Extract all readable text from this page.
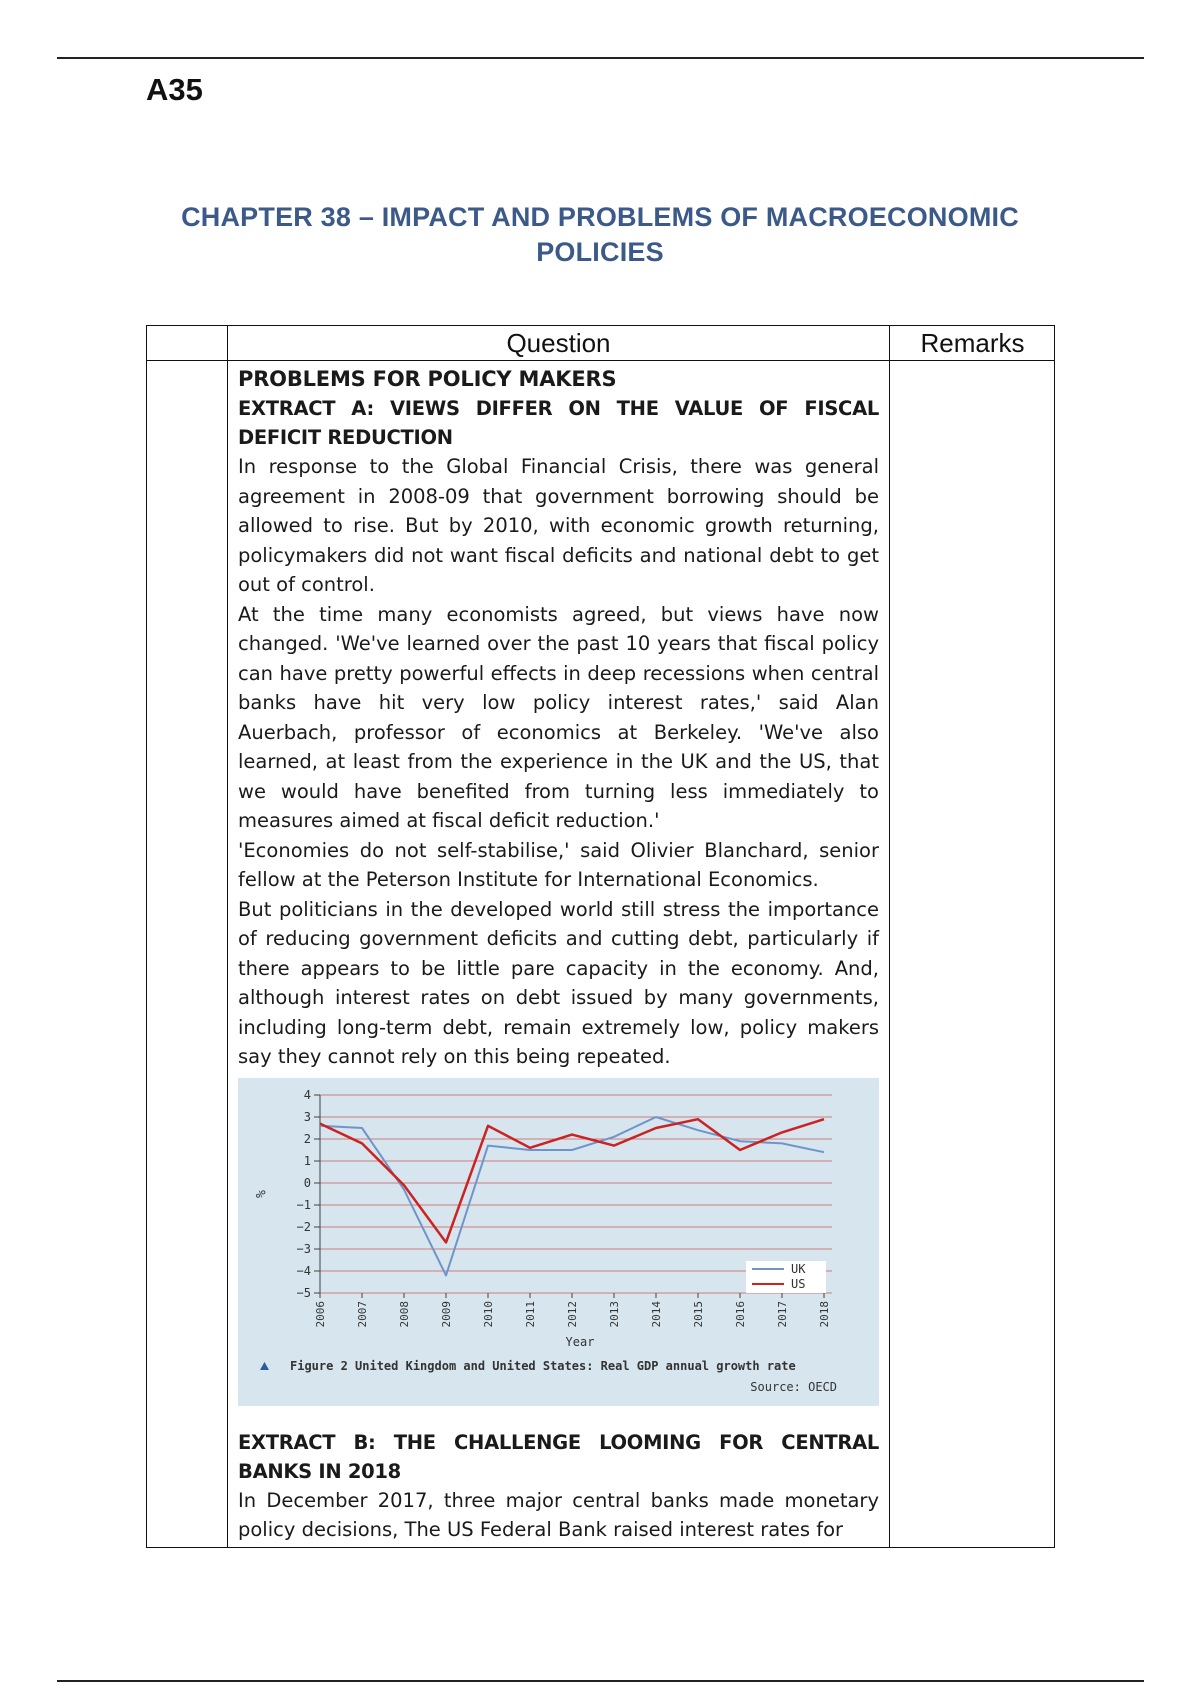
A35
CHAPTER 38 – IMPACT AND PROBLEMS OF MACROECONOMIC POLICIES
Question	Remarks
PROBLEMS FOR POLICY MAKERS
EXTRACT A: VIEWS DIFFER ON THE VALUE OF FISCAL DEFICIT REDUCTION

In response to the Global Financial Crisis, there was general agreement in 2008-09 that government borrowing should be allowed to rise. But by 2010, with economic growth returning, policymakers did not want fiscal deficits and national debt to get out of control.

At the time many economists agreed, but views have now changed. 'We've learned over the past 10 years that fiscal policy can have pretty powerful effects in deep recessions when central banks have hit very low policy interest rates,' said Alan Auerbach, professor of economics at Berkeley. 'We've also learned, at least from the experience in the UK and the US, that we would have benefited from turning less immediately to measures aimed at fiscal deficit reduction.'

'Economies do not self-stabilise,' said Olivier Blanchard, senior fellow at the Peterson Institute for International Economics.

But politicians in the developed world still stress the importance of reducing government deficits and cutting debt, particularly if there appears to be little pare capacity in the economy. And, although interest rates on debt issued by many governments, including long-term debt, remain extremely low, policy makers say they cannot rely on this being repeated.

4
3
2
1
0
−1
−2
−3
−4
−5
%
2006	2007	2008	2009	2010	2011	2012	2013	2014	2015	2016	2017	2018
Year
UK
US
Figure 2 United Kingdom and United States: Real GDP annual growth rate
Source: OECD
EXTRACT B: THE CHALLENGE LOOMING FOR CENTRAL BANKS IN 2018

In December 2017, three major central banks made monetary policy decisions, The US Federal Bank raised interest rates for
